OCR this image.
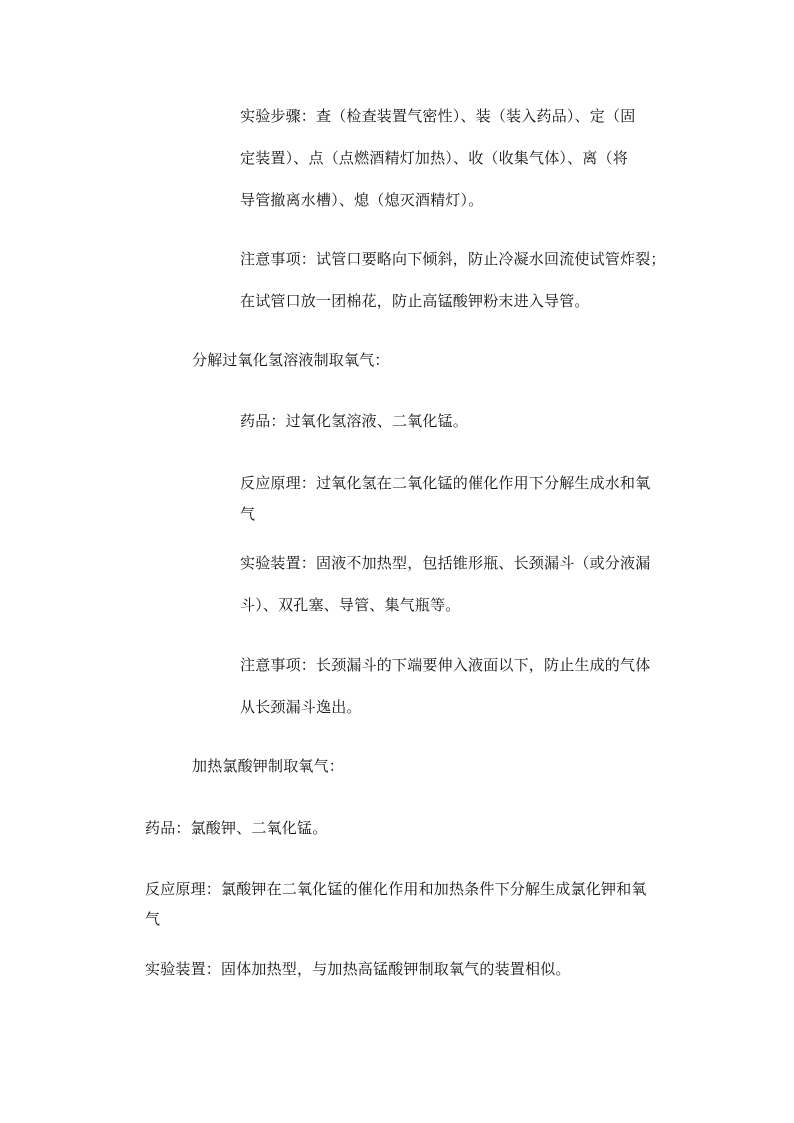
实验步骤：查（检查装置气密性）、装（装入药品）、定（固
定装置）、点（点燃酒精灯加热）、收（收集气体）、离（将
导管撤离水槽）、熄（熄灭酒精灯）。
注意事项：试管口要略向下倾斜，防止冷凝水回流使试管炸裂；
在试管口放一团棉花，防止高锰酸钾粉末进入导管。
分解过氧化氢溶液制取氧气：
药品：过氧化氢溶液、二氧化锰。
反应原理：过氧化氢在二氧化锰的催化作用下分解生成水和氧
气
实验装置：固液不加热型，包括锥形瓶、长颈漏斗（或分液漏
斗）、双孔塞、导管、集气瓶等。
注意事项：长颈漏斗的下端要伸入液面以下，防止生成的气体
从长颈漏斗逸出。
加热氯酸钾制取氧气：
药品：氯酸钾、二氧化锰。
反应原理：氯酸钾在二氧化锰的催化作用和加热条件下分解生成氯化钾和氧
气
实验装置：固体加热型，与加热高锰酸钾制取氧气的装置相似。
